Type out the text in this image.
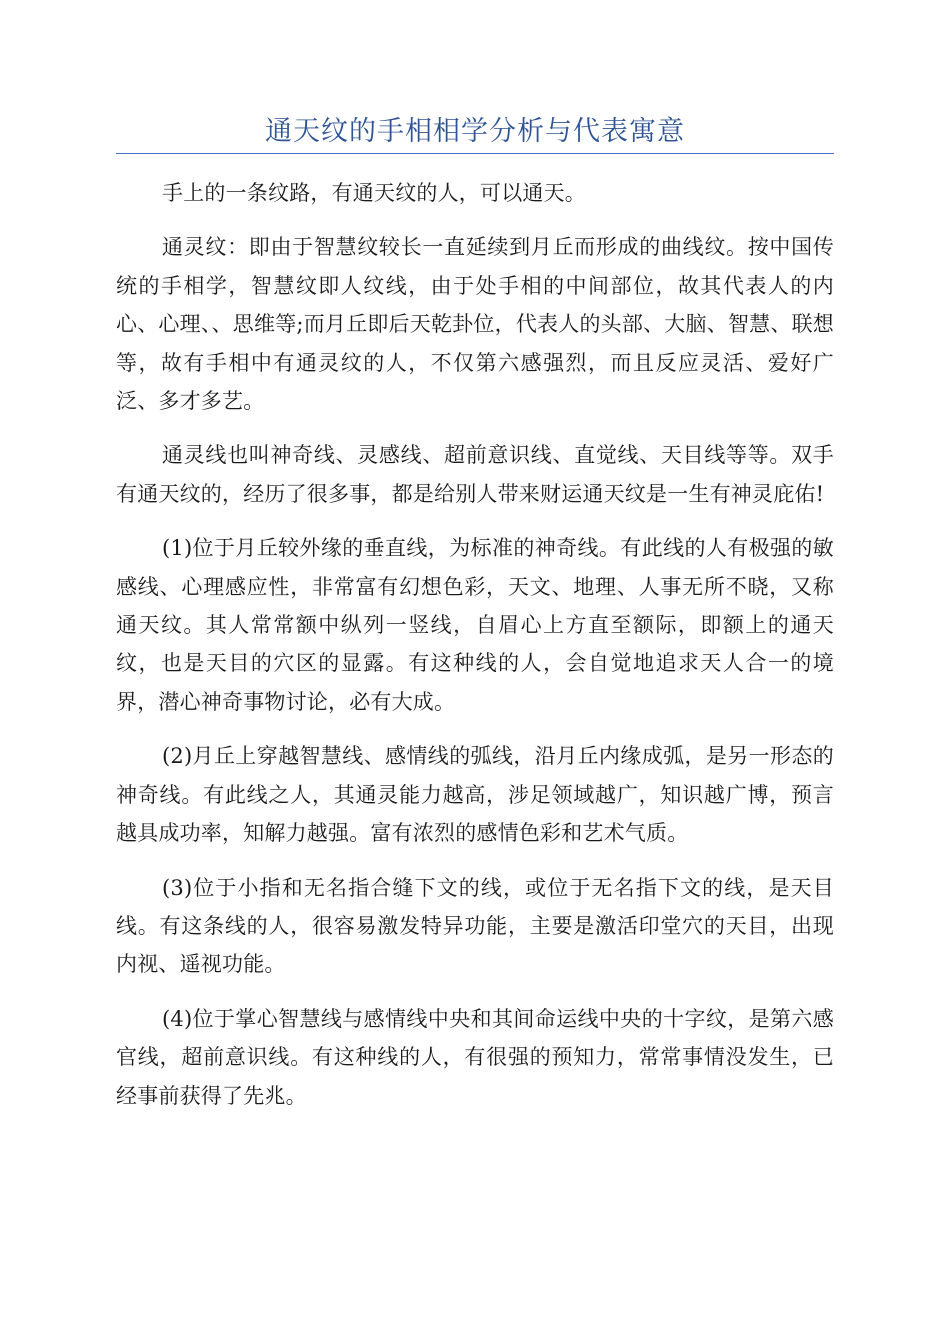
通天纹的手相相学分析与代表寓意

手上的一条纹路，有通天纹的人，可以通天。

通灵纹：即由于智慧纹较长一直延续到月丘而形成的曲线纹。按中国传统的手相学，智慧纹即人纹线，由于处手相的中间部位，故其代表人的内心、心理、、思维等;而月丘即后天乾卦位，代表人的头部、大脑、智慧、联想等，故有手相中有通灵纹的人，不仅第六感强烈，而且反应灵活、爱好广泛、多才多艺。

通灵线也叫神奇线、灵感线、超前意识线、直觉线、天目线等等。双手有通天纹的，经历了很多事，都是给别人带来财运通天纹是一生有神灵庇佑!

(1)位于月丘较外缘的垂直线，为标准的神奇线。有此线的人有极强的敏感线、心理感应性，非常富有幻想色彩，天文、地理、人事无所不晓，又称通天纹。其人常常额中纵列一竖线，自眉心上方直至额际，即额上的通天纹，也是天目的穴区的显露。有这种线的人，会自觉地追求天人合一的境界，潜心神奇事物讨论，必有大成。

(2)月丘上穿越智慧线、感情线的弧线，沿月丘内缘成弧，是另一形态的神奇线。有此线之人，其通灵能力越高，涉足领域越广，知识越广博，预言越具成功率，知解力越强。富有浓烈的感情色彩和艺术气质。

(3)位于小指和无名指合缝下文的线，或位于无名指下文的线，是天目线。有这条线的人，很容易激发特异功能，主要是激活印堂穴的天目，出现内视、遥视功能。

(4)位于掌心智慧线与感情线中央和其间命运线中央的十字纹，是第六感官线，超前意识线。有这种线的人，有很强的预知力，常常事情没发生，已经事前获得了先兆。
